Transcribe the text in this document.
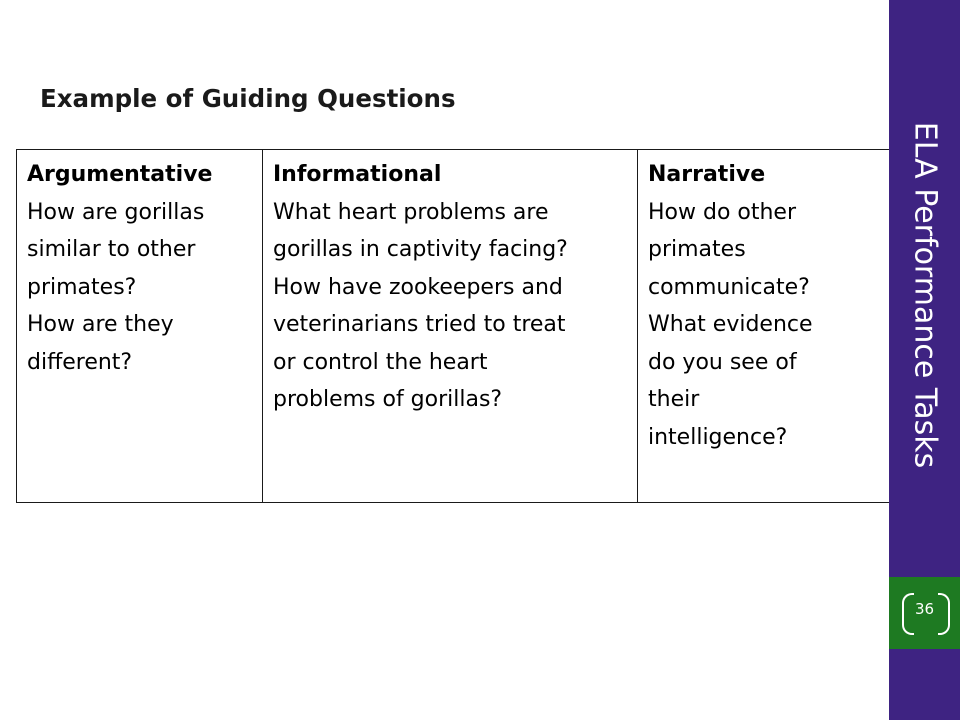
Example of Guiding Questions
Argumentative
How are gorillas
similar to other
primates?
How are they
different?

Informational
What heart problems are
gorillas in captivity facing?
How have zookeepers and
veterinarians tried to treat
or control the heart
problems of gorillas?

Narrative
How do other
primates
communicate?
What evidence
do you see of
their
intelligence?	ELA Performance Tasks
36
